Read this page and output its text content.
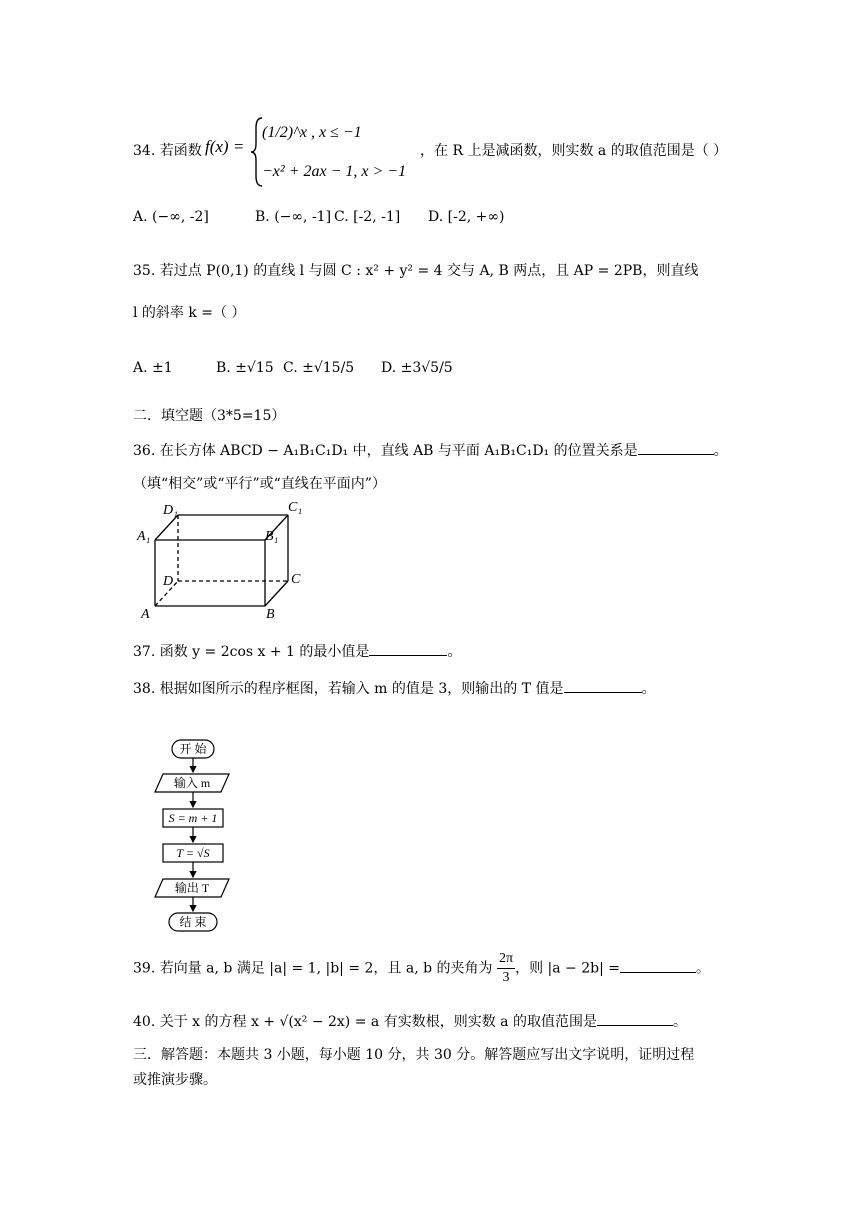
34. 若函数 f(x) =
(1/2)^x , x ≤ −1
−x² + 2ax − 1, x > −1
，在 R 上是减函数，则实数 a 的取值范围是（ ）
A. (−∞, -2]	B. (−∞, -1] C. [-2, -1] D. [-2, +∞)
35. 若过点 P(0,1) 的直线 l 与圆 C : x² + y² = 4 交与 A, B 两点，且 AP = 2PB，则直线
l 的斜率 k =（ ）
A. ±1	B. ±√15 C. ±√15/5 D. ±3√5/5
二．填空题（3*5=15）
36. 在长方体 ABCD − A₁B₁C₁D₁ 中，直线 AB 与平面 A₁B₁C₁D₁ 的位置关系是	。
（填“相交”或“平行”或“直线在平面内”）
D₁	C₁
A₁	B₁
D	C
A	B
37. 函数 y = 2cos x + 1 的最小值是	。
38. 根据如图所示的程序框图，若输入 m 的值是 3，则输出的 T 值是	。
开 始
输入 m
S = m + 1
T = √S
输出 T
结 束
39. 若向量 a, b 满足 |a| = 1, |b| = 2，且 a, b 的夹角为 $\frac{2\pi}{3}$ ，则 |a − 2b| =	。
40. 关于 x 的方程 x + √(x² − 2x) = a 有实数根，则实数 a 的取值范围是	。
三．解答题：本题共 3 小题，每小题 10 分，共 30 分。解答题应写出文字说明，证明过程
或推演步骤。
